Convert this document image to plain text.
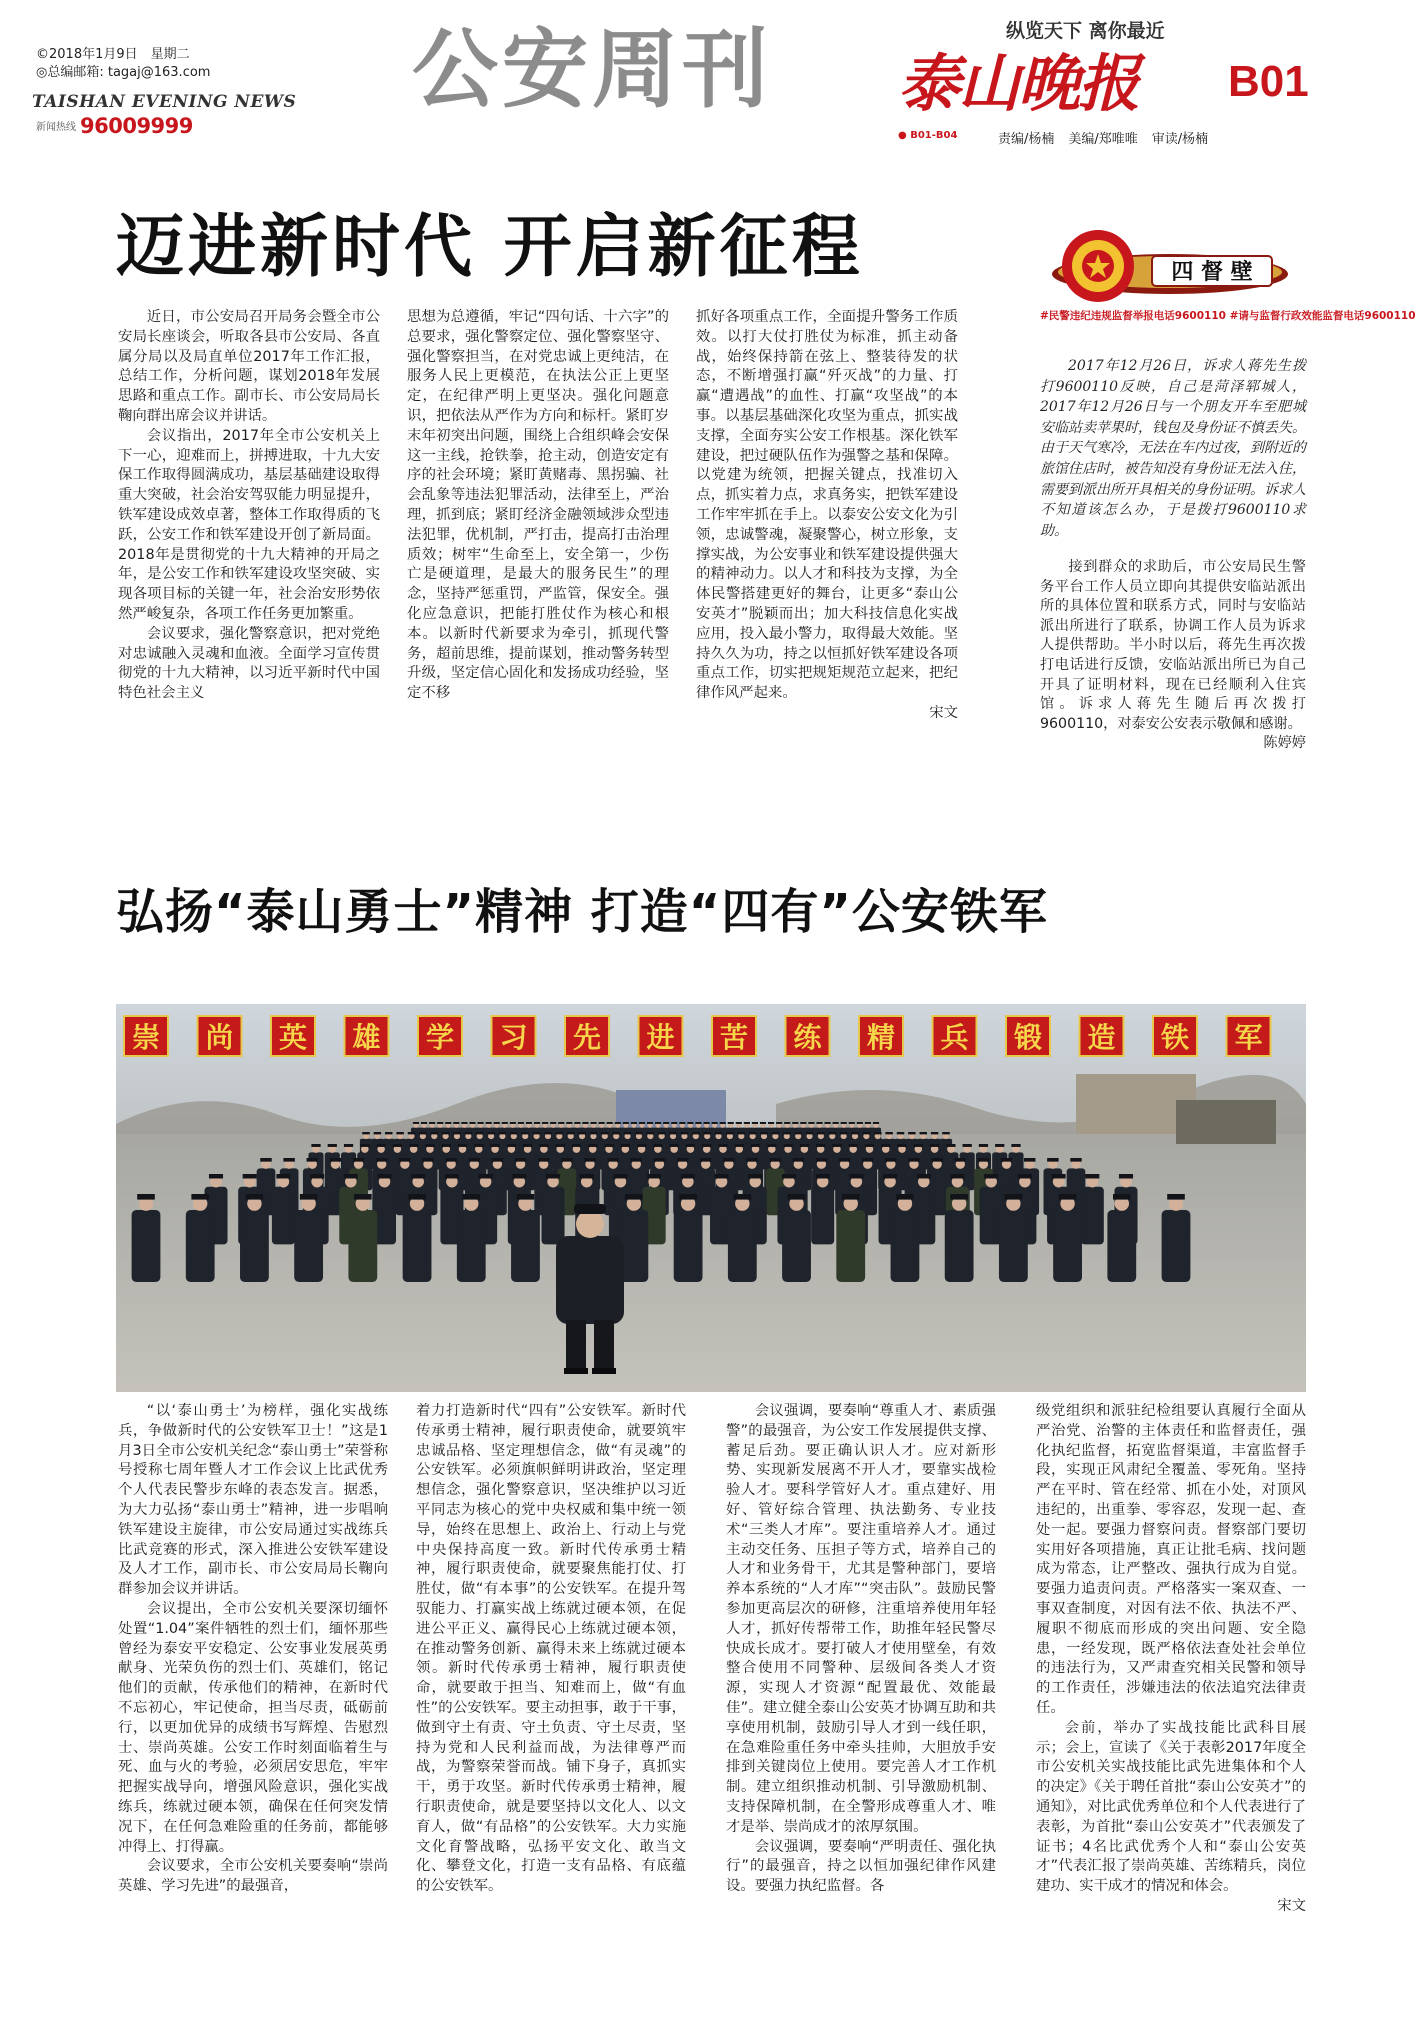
©2018年1月9日　星期二
◎总编邮箱: tagaj@163.com
TAISHAN EVENING NEWS
新闻热线 96009999
公安周刊	纵览天下 离你最近
泰山晚报 B01
● B01-B04	责编/杨楠 美编/郑唯唯 审读/杨楠
迈进新时代 开启新征程

近日，市公安局召开局务会暨全市公安局长座谈会，听取各县市公安局、各直属分局以及局直单位2017年工作汇报，总结工作，分析问题，谋划2018年发展思路和重点工作。副市长、市公安局局长鞠向群出席会议并讲话。

会议指出，2017年全市公安机关上下一心，迎难而上，拼搏进取，十九大安保工作取得圆满成功，基层基础建设取得重大突破，社会治安驾驭能力明显提升，铁军建设成效卓著，整体工作取得质的飞跃，公安工作和铁军建设开创了新局面。2018年是贯彻党的十九大精神的开局之年，是公安工作和铁军建设攻坚突破、实现各项目标的关键一年，社会治安形势依然严峻复杂，各项工作任务更加繁重。

会议要求，强化警察意识，把对党绝对忠诚融入灵魂和血液。全面学习宣传贯彻党的十九大精神，以习近平新时代中国特色社会主义

思想为总遵循，牢记“四句话、十六字”的总要求，强化警察定位、强化警察坚守、强化警察担当，在对党忠诚上更纯洁，在服务人民上更模范，在执法公正上更坚定，在纪律严明上更坚决。强化问题意识，把依法从严作为方向和标杆。紧盯岁末年初突出问题，围绕上合组织峰会安保这一主线，抢铁拳，抢主动，创造安定有序的社会环境；紧盯黄赌毒、黑拐骗、社会乱象等违法犯罪活动，法律至上，严治理，抓到底；紧盯经济金融领域涉众型违法犯罪，优机制，严打击，提高打击治理质效；树牢“生命至上，安全第一，少伤亡是硬道理，是最大的服务民生”的理念，坚持严惩重罚，严监管，保安全。强化应急意识，把能打胜仗作为核心和根本。以新时代新要求为牵引，抓现代警务，超前思维，提前谋划，推动警务转型升级，坚定信心固化和发扬成功经验，坚定不移

抓好各项重点工作，全面提升警务工作质效。以打大仗打胜仗为标准，抓主动备战，始终保持箭在弦上、整装待发的状态，不断增强打赢“歼灭战”的力量、打赢“遭遇战”的血性、打赢“攻坚战”的本事。以基层基础深化攻坚为重点，抓实战支撑，全面夯实公安工作根基。深化铁军建设，把过硬队伍作为强警之基和保障。以党建为统领，把握关键点，找准切入点，抓实着力点，求真务实，把铁军建设工作牢牢抓在手上。以泰安公安文化为引领，忠诚警魂，凝聚警心，树立形象，支撑实战，为公安事业和铁军建设提供强大的精神动力。以人才和科技为支撑，为全体民警搭建更好的舞台，让更多“泰山公安英才”脱颖而出；加大科技信息化实战应用，投入最小警力，取得最大效能。坚持久久为功，持之以恒抓好铁军建设各项重点工作，切实把规矩规范立起来，把纪律作风严起来。

宋文
四 督 壁
#民警违纪违规监督举报电话9600110 #请与监督行政效能监督电话9600110

2017年12月26日，诉求人蒋先生拨打9600110反映，自己是菏泽郓城人，2017年12月26日与一个朋友开车至肥城安临站卖苹果时，钱包及身份证不慎丢失。由于天气寒冷，无法在车内过夜，到附近的旅馆住店时，被告知没有身份证无法入住，需要到派出所开具相关的身份证明。诉求人不知道该怎么办，于是拨打9600110求助。

接到群众的求助后，市公安局民生警务平台工作人员立即向其提供安临站派出所的具体位置和联系方式，同时与安临站派出所进行了联系，协调工作人员为诉求人提供帮助。半小时以后，蒋先生再次拨打电话进行反馈，安临站派出所已为自己开具了证明材料，现在已经顺利入住宾馆。诉求人蒋先生随后再次拨打9600110，对泰安公安表示敬佩和感谢。

陈婷婷
弘扬“泰山勇士”精神 打造“四有”公安铁军
崇 尚 英 雄 学 习 先 进 苦 练 精 兵 锻 造 铁 军

“以‘泰山勇士’为榜样，强化实战练兵，争做新时代的公安铁军卫士！”这是1月3日全市公安机关纪念“泰山勇士”荣誉称号授称七周年暨人才工作会议上比武优秀个人代表民警步东峰的表态发言。据悉，为大力弘扬“泰山勇士”精神，进一步唱响铁军建设主旋律，市公安局通过实战练兵比武竞赛的形式，深入推进公安铁军建设及人才工作，副市长、市公安局局长鞠向群参加会议并讲话。

会议提出，全市公安机关要深切缅怀处置“1.04”案件牺牲的烈士们，缅怀那些曾经为泰安平安稳定、公安事业发展英勇献身、光荣负伤的烈士们、英雄们，铭记他们的贡献，传承他们的精神，在新时代不忘初心，牢记使命，担当尽责，砥砺前行，以更加优异的成绩书写辉煌、告慰烈士、崇尚英雄。公安工作时刻面临着生与死、血与火的考验，必须居安思危，牢牢把握实战导向，增强风险意识，强化实战练兵，练就过硬本领，确保在任何突发情况下，在任何急难险重的任务前，都能够冲得上、打得赢。

会议要求，全市公安机关要奏响“崇尚英雄、学习先进”的最强音，

着力打造新时代“四有”公安铁军。新时代传承勇士精神，履行职责使命，就要筑牢忠诚品格、坚定理想信念，做“有灵魂”的公安铁军。必须旗帜鲜明讲政治，坚定理想信念，强化警察意识，坚决维护以习近平同志为核心的党中央权威和集中统一领导，始终在思想上、政治上、行动上与党中央保持高度一致。新时代传承勇士精神，履行职责使命，就要聚焦能打仗、打胜仗，做“有本事”的公安铁军。在提升驾驭能力、打赢实战上练就过硬本领，在促进公平正义、赢得民心上练就过硬本领，在推动警务创新、赢得未来上练就过硬本领。新时代传承勇士精神，履行职责使命，就要敢于担当、知难而上，做“有血性”的公安铁军。要主动担事，敢于干事，做到守土有责、守土负责、守土尽责，坚持为党和人民利益而战，为法律尊严而战，为警察荣誉而战。铺下身子，真抓实干，勇于攻坚。新时代传承勇士精神，履行职责使命，就是要坚持以文化人、以文育人，做“有品格”的公安铁军。大力实施文化育警战略，弘扬平安文化、敢当文化、攀登文化，打造一支有品格、有底蕴的公安铁军。

会议强调，要奏响“尊重人才、素质强警”的最强音，为公安工作发展提供支撑、蓄足后劲。要正确认识人才。应对新形势、实现新发展离不开人才，要靠实战检验人才。要科学管好人才。重点建好、用好、管好综合管理、执法勤务、专业技术“三类人才库”。要注重培养人才。通过主动交任务、压担子等方式，培养自己的人才和业务骨干，尤其是警种部门，要培养本系统的“人才库”“突击队”。鼓励民警参加更高层次的研修，注重培养使用年轻人才，抓好传帮带工作，助推年轻民警尽快成长成才。要打破人才使用壁垒，有效整合使用不同警种、层级间各类人才资源，实现人才资源“配置最优、效能最佳”。建立健全泰山公安英才协调互助和共享使用机制，鼓励引导人才到一线任职，在急难险重任务中牵头挂帅，大胆放手安排到关键岗位上使用。要完善人才工作机制。建立组织推动机制、引导激励机制、支持保障机制，在全警形成尊重人才、唯才是举、崇尚成才的浓厚氛围。

会议强调，要奏响“严明责任、强化执行”的最强音，持之以恒加强纪律作风建设。要强力执纪监督。各

级党组织和派驻纪检组要认真履行全面从严治党、治警的主体责任和监督责任，强化执纪监督，拓宽监督渠道，丰富监督手段，实现正风肃纪全覆盖、零死角。坚持严在平时、管在经常、抓在小处，对顶风违纪的，出重拳、零容忍，发现一起、查处一起。要强力督察问责。督察部门要切实用好各项措施，真正让批毛病、找问题成为常态，让严整改、强执行成为自觉。要强力追责问责。严格落实一案双查、一事双查制度，对因有法不依、执法不严、履职不彻底而形成的突出问题、安全隐患，一经发现，既严格依法查处社会单位的违法行为，又严肃查究相关民警和领导的工作责任，涉嫌违法的依法追究法律责任。

会前，举办了实战技能比武科目展示；会上，宣读了《关于表彰2017年度全市公安机关实战技能比武先进集体和个人的决定》《关于聘任首批“泰山公安英才”的通知》，对比武优秀单位和个人代表进行了表彰，为首批“泰山公安英才”代表颁发了证书；4名比武优秀个人和“泰山公安英才”代表汇报了崇尚英雄、苦练精兵，岗位建功、实干成才的情况和体会。

宋文
